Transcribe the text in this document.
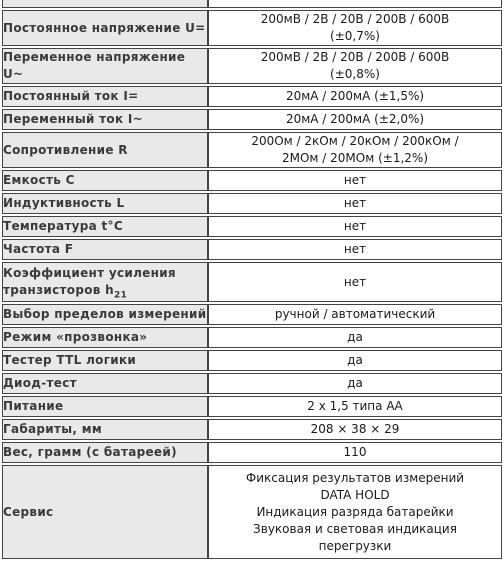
Постоянное напряжение U=	200мВ / 2В / 20В / 200В / 600В
(±0,7%)

Переменное напряжение U~	200мВ / 2В / 20В / 200В / 600В
(±0,8%)

Постоянный ток I=	20мА / 200мА (±1,5%)

Переменный ток I~	20мА / 200мА (±2,0%)

Сопротивление R	200Ом / 2кОм / 20кОм / 200кОм /
2МОм / 20МОм (±1,2%)

Емкость С	нет

Индуктивность L	нет

Температура t°C	нет

Частота F	нет

Коэффициент усиления транзисторов $h_{21}$	нет

Выбор пределов измерений	ручной / автоматический

Режим «прозвонка»	да

Тестер TTL логики	да

Диод-тест	да

Питание	2 х 1,5 типа АА

Габариты, мм	208 × 38 × 29

Вес, грамм (с батареей)	110

Сервис	Фиксация результатов измерений
DATA HOLD
Индикация разряда батарейки
Звуковая и световая индикация
перегрузки
